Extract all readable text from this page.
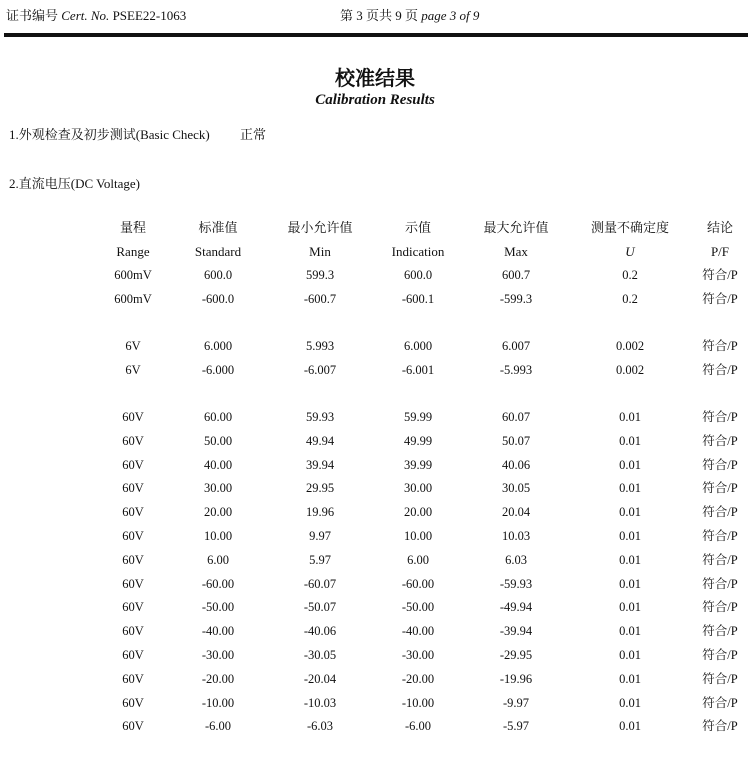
证书编号 Cert. No. PSEE22-1063	第 3 页共 9 页 page 3 of 9
校准结果
Calibration Results
1.外观检查及初步测试(Basic Check) 正常
2.直流电压(DC Voltage)
量程	标准值	最小允许值	示值	最大允许值	测量不确定度	结论
Range	Standard	Min	Indication	Max	U	P/F
600mV	600.0	599.3	600.0	600.7	0.2	符合/P
600mV	-600.0	-600.7	-600.1	-599.3	0.2	符合/P
6V	6.000	5.993	6.000	6.007	0.002	符合/P
6V	-6.000	-6.007	-6.001	-5.993	0.002	符合/P
60V	60.00	59.93	59.99	60.07	0.01	符合/P
60V	50.00	49.94	49.99	50.07	0.01	符合/P
60V	40.00	39.94	39.99	40.06	0.01	符合/P
60V	30.00	29.95	30.00	30.05	0.01	符合/P
60V	20.00	19.96	20.00	20.04	0.01	符合/P
60V	10.00	9.97	10.00	10.03	0.01	符合/P
60V	6.00	5.97	6.00	6.03	0.01	符合/P
60V	-60.00	-60.07	-60.00	-59.93	0.01	符合/P
60V	-50.00	-50.07	-50.00	-49.94	0.01	符合/P
60V	-40.00	-40.06	-40.00	-39.94	0.01	符合/P
60V	-30.00	-30.05	-30.00	-29.95	0.01	符合/P
60V	-20.00	-20.04	-20.00	-19.96	0.01	符合/P
60V	-10.00	-10.03	-10.00	-9.97	0.01	符合/P
60V	-6.00	-6.03	-6.00	-5.97	0.01	符合/P
